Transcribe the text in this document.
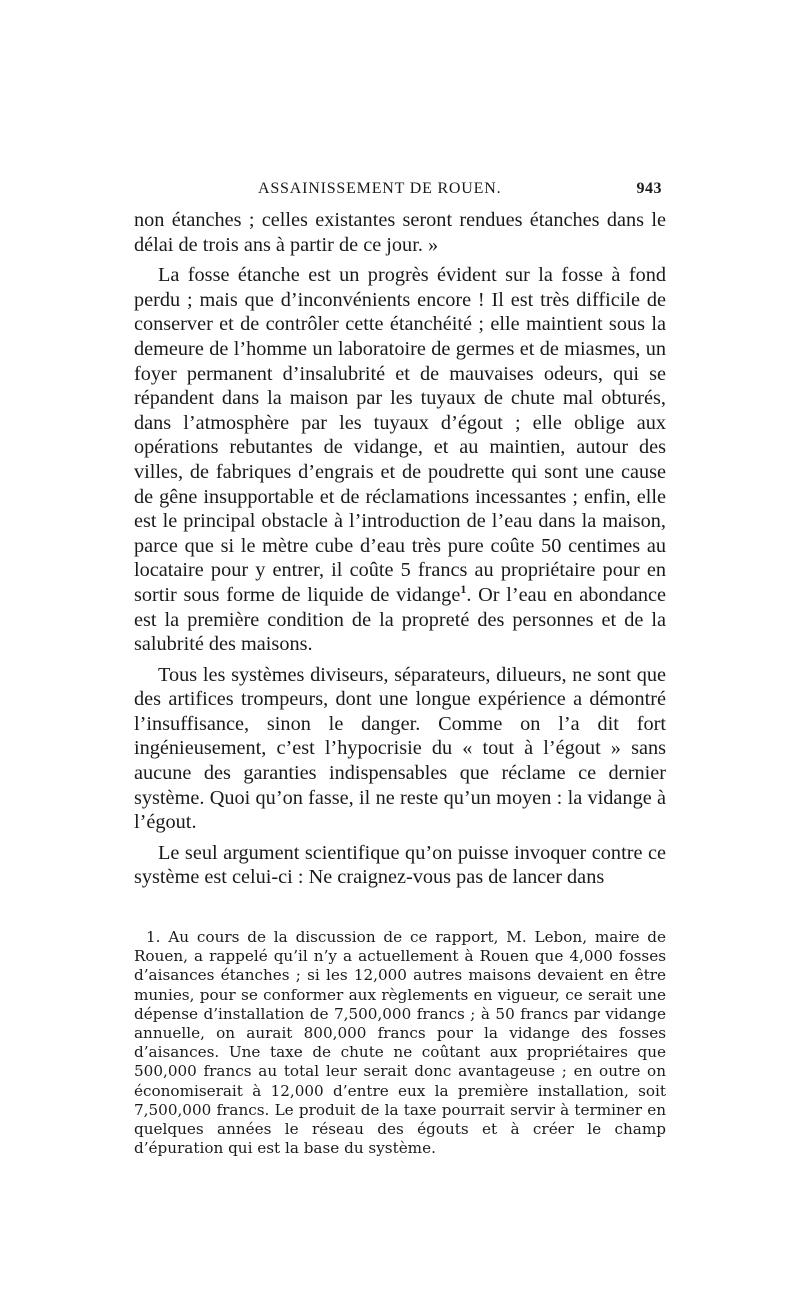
ASSAINISSEMENT DE ROUEN.	943

non étanches ; celles existantes seront rendues étanches dans le délai de trois ans à partir de ce jour. »

La fosse étanche est un progrès évident sur la fosse à fond perdu ; mais que d’inconvénients encore ! Il est très difficile de conserver et de contrôler cette étanchéité ; elle maintient sous la demeure de l’homme un laboratoire de germes et de miasmes, un foyer permanent d’insalubrité et de mauvaises odeurs, qui se répandent dans la maison par les tuyaux de chute mal obturés, dans l’atmosphère par les tuyaux d’égout ; elle oblige aux opérations rebutantes de vidange, et au maintien, autour des villes, de fabriques d’engrais et de poudrette qui sont une cause de gêne insupportable et de réclamations incessantes ; enfin, elle est le principal obstacle à l’introduction de l’eau dans la maison, parce que si le mètre cube d’eau très pure coûte 50 centimes au locataire pour y entrer, il coûte 5 francs au propriétaire pour en sortir sous forme de liquide de vidange$^1$. Or l’eau en abondance est la première condition de la propreté des personnes et de la salubrité des maisons.

Tous les systèmes diviseurs, séparateurs, dilueurs, ne sont que des artifices trompeurs, dont une longue expérience a démontré l’insuffisance, sinon le danger. Comme on l’a dit fort ingénieusement, c’est l’hypocrisie du « tout à l’égout » sans aucune des garanties indispensables que réclame ce dernier système. Quoi qu’on fasse, il ne reste qu’un moyen : la vidange à l’égout.

Le seul argument scientifique qu’on puisse invoquer contre ce système est celui-ci : Ne craignez-vous pas de lancer dans

1. Au cours de la discussion de ce rapport, M. Lebon, maire de Rouen, a rappelé qu’il n’y a actuellement à Rouen que 4,000 fosses d’aisances étanches ; si les 12,000 autres maisons devaient en être munies, pour se conformer aux règlements en vigueur, ce serait une dépense d’installation de 7,500,000 francs ; à 50 francs par vidange annuelle, on aurait 800,000 francs pour la vidange des fosses d’aisances. Une taxe de chute ne coûtant aux propriétaires que 500,000 francs au total leur serait donc avantageuse ; en outre on économiserait à 12,000 d’entre eux la première installation, soit 7,500,000 francs. Le produit de la taxe pourrait servir à terminer en quelques années le réseau des égouts et à créer le champ d’épuration qui est la base du système.
